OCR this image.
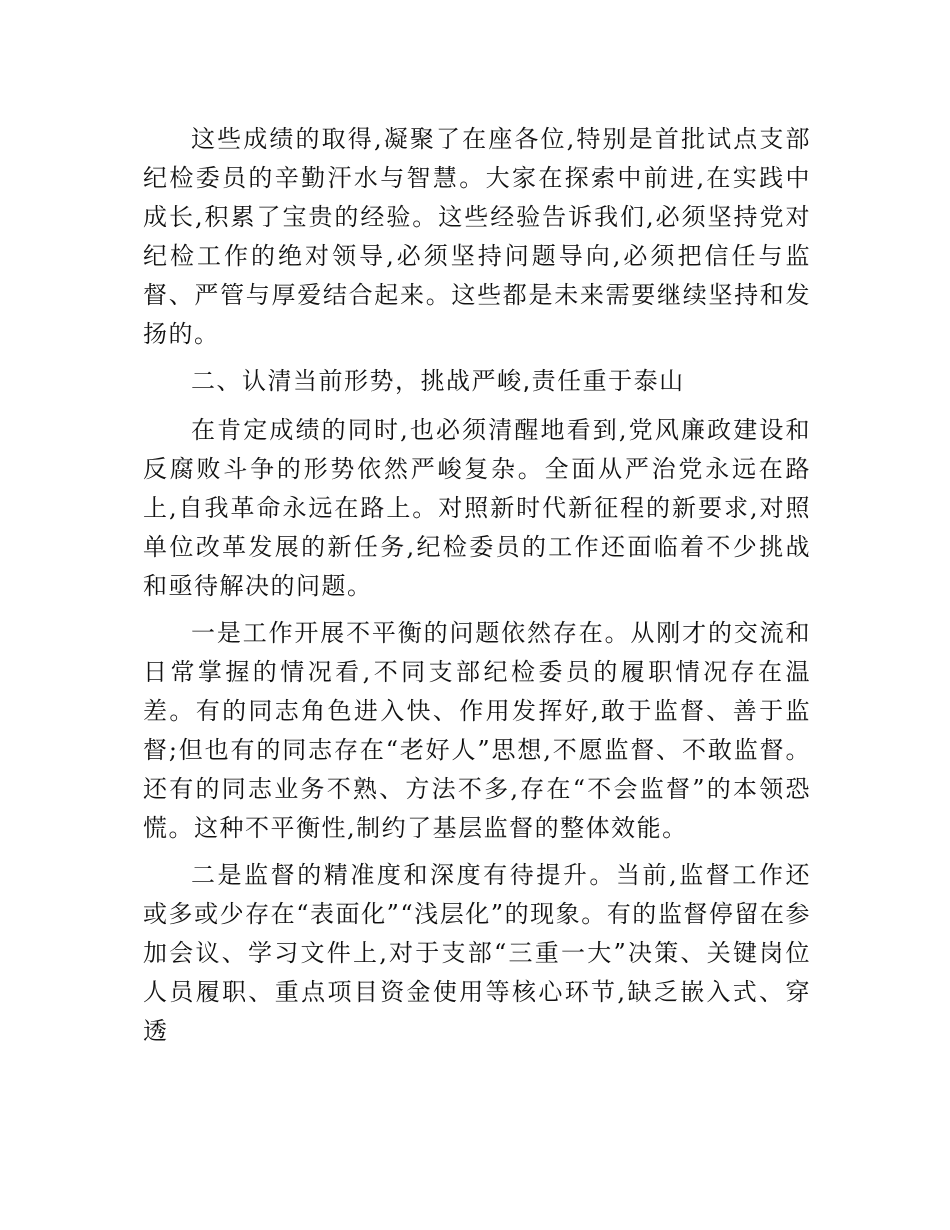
这些成绩的取得,凝聚了在座各位,特别是首批试点支部纪检委员的辛勤汗水与智慧。大家在探索中前进,在实践中成长,积累了宝贵的经验。这些经验告诉我们,必须坚持党对纪检工作的绝对领导,必须坚持问题导向,必须把信任与监督、严管与厚爱结合起来。这些都是未来需要继续坚持和发扬的。

二、认清当前形势，挑战严峻,责任重于泰山

在肯定成绩的同时,也必须清醒地看到,党风廉政建设和反腐败斗争的形势依然严峻复杂。全面从严治党永远在路上,自我革命永远在路上。对照新时代新征程的新要求,对照单位改革发展的新任务,纪检委员的工作还面临着不少挑战和亟待解决的问题。

一是工作开展不平衡的问题依然存在。从刚才的交流和日常掌握的情况看,不同支部纪检委员的履职情况存在温差。有的同志角色进入快、作用发挥好,敢于监督、善于监督;但也有的同志存在“老好人”思想,不愿监督、不敢监督。还有的同志业务不熟、方法不多,存在“不会监督”的本领恐慌。这种不平衡性,制约了基层监督的整体效能。

二是监督的精准度和深度有待提升。当前,监督工作还或多或少存在“表面化”“浅层化”的现象。有的监督停留在参加会议、学习文件上,对于支部“三重一大”决策、关键岗位人员履职、重点项目资金使用等核心环节,缺乏嵌入式、穿透
